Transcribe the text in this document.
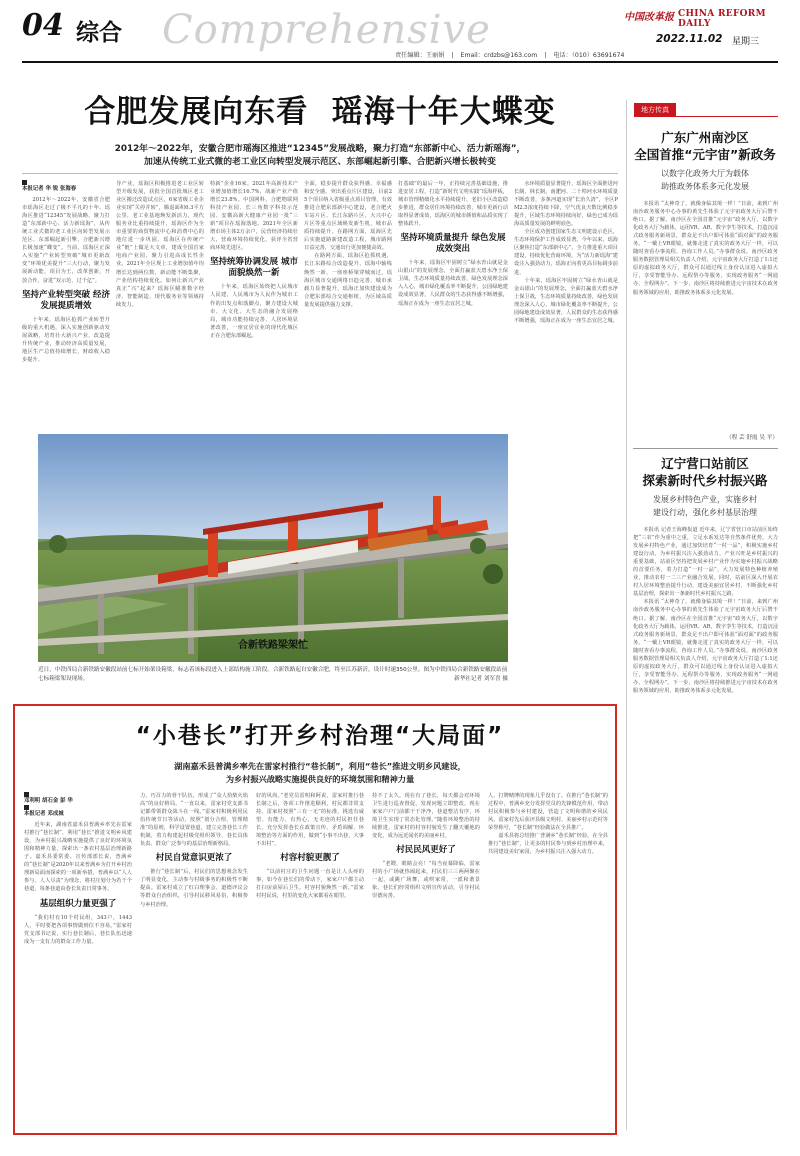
04 综合 Comprehensive	中国改革报 CHINA REFORM DAILY
2022.11.02 星期三
责任编辑：王丽娟 | Email：crdzbs@163.com | 电话：（010）63691674
合肥发展向东看  瑶海十年大蝶变
2012年～2022年，安徽合肥市瑶海区推进“12345”发展战略，聚力打造“东部新中心、活力新瑶海”，
加速从传统工业式微的老工业区向转型发展示范区、东部崛起新引擎、合肥新兴增长极转变
本报记者 华 锐 张海春

2012年～2022年，安徽省合肥市瑶海区走过了极不平凡的十年。瑶海区推进“12345”发展战略，聚力打造“东部新中心、活力新瑶海”，从传统工业式微的老工业区向转型发展示范区、东部崛起新引擎、合肥新兴增长极加速“蝶变”。当前，瑶海区正深入实施“产业转型突破”城市更新改变”环境优美提升”三大行动，聚力发展新动能，项目为王，改革创新，开放合作，奋进“双示范、过千亿”。

坚持产业转型突破 经济发展提质增效

十年来，瑶海区抢抓产业转型升级的重大机遇，深入实施创新驱动发展战略，培育壮大新兴产业，改造提升传统产业，推动经济高质量发展，地区生产总值持续增长，财政收入稳步提升。

导产业。瑶海区积极推进老工业区转型升级发展，获批全国首批城区老工业区搬迁改造试点区，6家省级工业企业实现“关停并转”，腾退面积6.3平方公里，老工业基地焕发新活力，现代服务业比重持续提升，瑶海区作为全市重要的商贸物流中心和消费中心的地位进一步巩固。瑶海区在传统产业“链”上做足大文章，建成全国首家电商产业园，聚力引进高成长性企业。2021年全区规上工业增加值年均增长达到两位数，新动能不断集聚，产业结构持续优化。如何让新兴产业真正“兴”起来？瑶海区瞄准数字经济、智能制造、现代服务业等领域持续发力。

特新”企业16家。2021年高新技术产业增加值增长16.7%，战新产业产值增长23.8%。中国网科、合肥物联网科技产业园、长三角数字科技示范园、安徽高新大健康产业园一批“三新”项目在瑶海落地。2021年全区新增市场主体2万余户，民营经济持续壮大，营商环境持续优化，获评全省营商环境先进区。

坚持统筹协调发展 城市面貌焕然一新

十年来，瑶海区始终把人民城市人民建、人民城市为人民作为城市工作的出发点和落脚点，聚力建设大城市、大文化、大生态的融合发展格局，城市功能持续完善，人居环境显著改善，一座宜居宜业的现代化城区正在合肥东部崛起。

全面，稳步提升群众获得感、幸福感和安全感，突出重点片区建设，目前25个项目纳入省级重点项目管理，有效推进合肥东部新中心建设，老合肥火车站片区、长江东路片区、大兴中心片区等重点区域焕发新生机，城市品质持续提升。在路网方面，瑶海区先后实施道路新建改造工程，城市路网日益完善，交通出行更加便捷高效。

在路网方面，瑶海区抢抓机遇，长江东路综合改造提升、瑶海中轴线焕然一新，一座座桥梁穿城而过，瑶海区城市交通网络日趋完善，城市承载力显著提升，瑶海正加快建设成为合肥东部综合交通枢纽，为区域高质量发展提供强力支撑。

打基础”的最后一年，正持续完善基础设施，推进安居工程，打造“新时代文明实践”瑶海样板，城市管理精细化水平持续提升，老旧小区改造稳步推进，群众居住环境持续改善，城市更新行动取得显著成效，瑶海区的城市颜值和品质实现了整体跃升。

坚持环境质量提升 绿色发展成效突出

十年来，瑶海区牢固树立“绿水青山就是金山银山”的发展理念，全面打赢蓝天碧水净土保卫战，生态环境质量持续改善，绿色发展理念深入人心，城市绿化覆盖率不断提升，公园绿地建设成效显著，人民群众的生态获得感不断增强，瑶海正在成为一座生态宜居之城。

水环境质量显著提升，瑶海区全面推进河长制、林长制，南淝河、二十埠河水环境质量不断改善，多条河道实现“长治久清”，全区PM2.5浓度持续下降，空气优良天数比例稳步提升，区域生态环境持续向好，绿色已成为瑶海高质量发展的鲜明底色。

全区成功创建国家生态文明建设示范区，生态环境保护工作成效显著。今年以来，瑶海区聚焦打造“东部新中心”，全力推进重大项目建设，持续优化营商环境，为“活力新瑶海”建设注入强劲动力，瑶海正向着更高目标阔步前进。

十年来，瑶海区牢固树立“绿水青山就是金山银山”的发展理念，全面打赢蓝天碧水净土保卫战，生态环境质量持续改善，绿色发展理念深入人心，城市绿化覆盖率不断提升，公园绿地建设成效显著，人民群众的生态获得感不断增强，瑶海正在成为一座生态宜居之城。

合新铁路梁架忙
近日，中铁四局合新铁路安徽段站前七标开始架设箱梁，标志着该标段进入上部结构施工阶段。合新铁路起自安徽合肥，终至江苏新沂，设计时速350公里。图为中铁四局合新铁路安徽段站前七标箱梁架设现场。	新华社记者 刘军喜 摄
“小巷长”打开乡村治理“大局面”
湖南嘉禾县普满乡率先在雷家村推行“巷长制”，利用“巷长”推进文明乡风建设，
为乡村振兴战略实施提供良好的环境氛围和精神力量
邓利明 胡石金 彭 华
本报记者 邓成城

近年来，湖南省嘉禾县普满乡率先在雷家村推行“巷长制”，利用“巷长”推进文明乡风建设，为乡村振兴战略实施提供了良好的环境氛围和精神力量，探索出一条农村基层治理新路子。嘉禾县委常委、宣传部部长说，普满乡的“巷长制”是2020年以来普满乡为打开乡村治理新局面而探索的一项新举措，普满乡以“人人参与、人人尽责”为理念，将村庄划分为若干个巷道，每条巷道由巷长负责日常事务。

基层组织力量更强了

“我们村有10个村民组，343户，1443人，平时要把各项事情做到位不容易。”雷家村党支部书记说，实行巷长制后，巷长队伍迅速成为一支有力的群众工作力量。

力，巧召力的骨干队伍，形成了“众人拾柴火焰高”的良好格局。“一直以来，雷家村党支部书记都带领群众战斗在一线。”雷家村积极利用民俗传统节日等活动，按照“划分合理、管理精准”的原则，科学设置巷道，建立完善巷长工作机制，着力构建起村级党组织领导、巷长具体负责、群众广泛参与的基层治理新格局。

村民自觉意识更浓了

推行“巷长制”后，村民们的思想观念发生了明显变化，主动参与村级事务的积极性不断提高。雷家村成立了红白理事会、道德评议会等群众自治组织，引导村民移风易俗，积极参与乡村治理。

好的风尚。”老党员雷明和阿说，雷家村推行巷长制之后，各项工作推进顺利，村民都非常支持。雷家村按照“三有一无”的标准，挑选有威望、有能力、有热心、无劣迹的村民担任巷长，充分发挥巷长在政策宣传、矛盾调解、环境整治等方面的作用，做到“小事不出巷、大事不出村”。

村容村貌更靓了

“以前村庄的卫生问题一直是让人头疼的事，如今在巷长们的带动下，家家户户都主动打扫房前屋后卫生，村容村貌焕然一新。”雷家村村民说，村里的变化大家都看在眼里。

持不了太久。现在有了巷长，每天都会对环境卫生进行巡查督促，发现问题立即整改。现在家家户户门前都干干净净，巷道整洁有序，环境卫生实现了常态化管理。”随着环境整治的持续推进，雷家村的村容村貌发生了翻天覆地的变化，成为远近闻名的美丽乡村。

村民民风更好了

“老嫂，眼睛会亮！”每当夜幕降临，雷家村的小广场就热闹起来，村民们三三两两聚在一起，或跳广场舞，或唠家常，一派和谐景象。巷长们经常组织文明宣传活动，引导村民崇德向善。

人，打牌赌博的现象几乎没有了。在推行“巷长制”的过程中，普满乡充分发挥党员的先锋模范作用，带动村民积极参与乡村建设，营造了文明和谐的乡风民风。雷家村先后获评县级文明村、美丽乡村示范村等荣誉称号，“巷长制”经验做法在全县推广。

嘉禾县将总结推广普满乡“巷长制”经验，在全县推行“巷长制”，让更多的村民参与到乡村治理中来，共同建设美好家园，为乡村振兴注入强大动力。

地方传真
广东广州南沙区
全国首推“元宇宙”新政务
以数字化政务大厅为载体
助推政务体系多元化发展

本报讯 “太神奇了，就像身临其境一样！”日前，来到广州南沙政务服务中心办事的黄先生体验了元宇宙政务大厅后赞不绝口。据了解，南沙区在全国首推“元宇宙”政务大厅，以数字化政务大厅为载体，运用VR、AR、数字孪生等技术，打造沉浸式政务服务新场景，群众足不出户即可体验“面对面”的政务服务。“一戴上VR眼镜，就像走进了真实的政务大厅一样，可以随时查看办事流程，咨询工作人员。”办事群众说。南沙区政务服务数据管理局相关负责人介绍，元宇宙政务大厅打造了1:1还原的虚拟政务大厅，群众可以通过线上身份认证进入虚拟大厅，享受智能导办、远程帮办等服务，实现政务服务“一网通办、全程网办”。下一步，南沙区将持续推进元宇宙技术在政务服务领域的应用，助推政务体系多元化发展。

（程 芸 舒霞 吴 平）
辽宁营口站前区
探索新时代乡村振兴路
发展乡村特色产业，实施乡村
建设行动，强化乡村基层治理

本报讯 记者王海峰报道 近年来，辽宁省营口市站前区始终把“三农”作为重中之重，立足水系发达等自然条件优势，大力发展乡村特色产业，通过加快培育“一村一品”，积极实施乡村建设行动，为乡村振兴注入强劲动力。产业兴旺是乡村振兴的重要基础，站前区坚持把发展乡村产业作为实施乡村振兴战略的首要任务，着力打造“一村一品”，大力发展特色种植养殖业，推动农村一二三产业融合发展。同时，站前区深入开展农村人居环境整治提升行动，建设美丽宜居乡村，不断强化乡村基层治理，探索出一条新时代乡村振兴之路。

本报讯 “太神奇了，就像身临其境一样！”日前，来到广州南沙政务服务中心办事的黄先生体验了元宇宙政务大厅后赞不绝口。据了解，南沙区在全国首推“元宇宙”政务大厅，以数字化政务大厅为载体，运用VR、AR、数字孪生等技术，打造沉浸式政务服务新场景，群众足不出户即可体验“面对面”的政务服务。“一戴上VR眼镜，就像走进了真实的政务大厅一样，可以随时查看办事流程，咨询工作人员。”办事群众说。南沙区政务服务数据管理局相关负责人介绍，元宇宙政务大厅打造了1:1还原的虚拟政务大厅，群众可以通过线上身份认证进入虚拟大厅，享受智能导办、远程帮办等服务，实现政务服务“一网通办、全程网办”。下一步，南沙区将持续推进元宇宙技术在政务服务领域的应用，助推政务体系多元化发展。
